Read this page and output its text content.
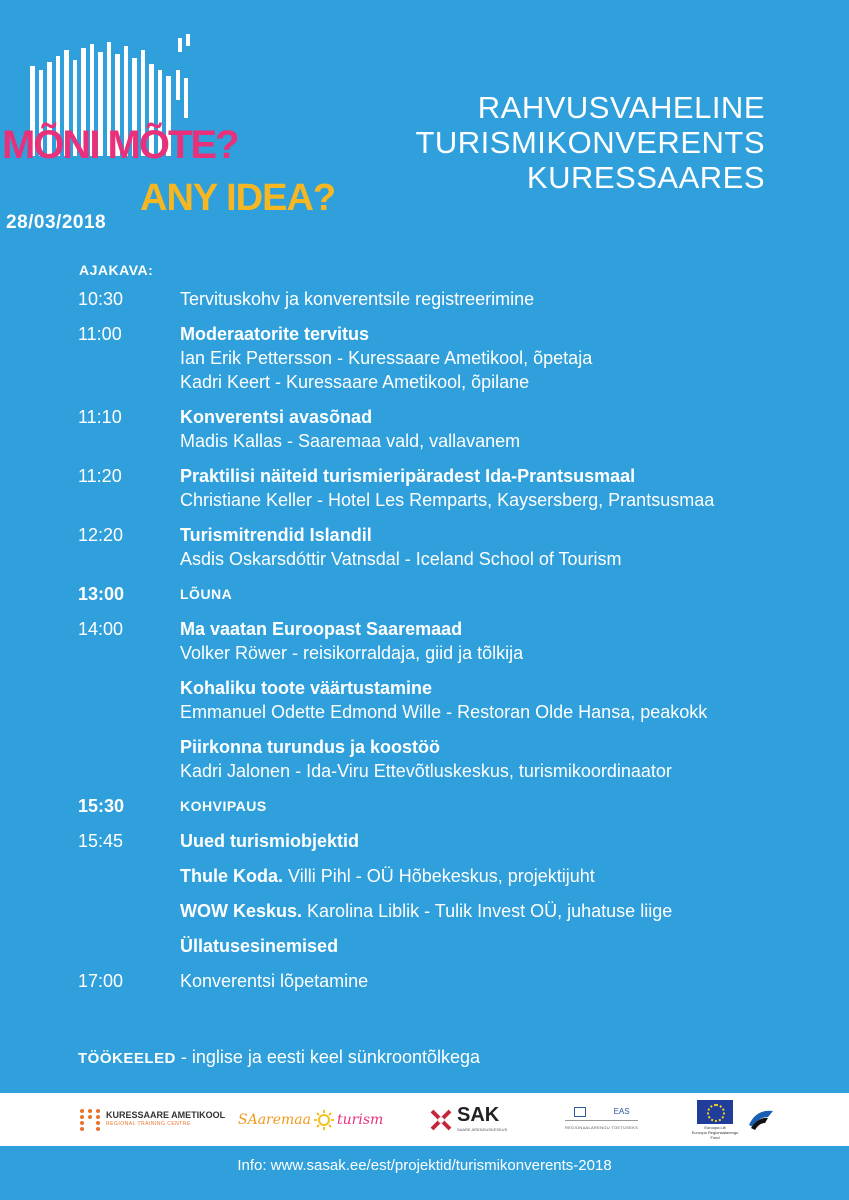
MÕNI MÕTE?
ANY IDEA?
28/03/2018
RAHVUSVAHELINE
TURISMIKONVERENTS
KURESSAARES
AJAKAVA:
10:30	Tervituskohv ja konverentsile registreerimine
11:00	Moderaatorite tervitus
Ian Erik Pettersson - Kuressaare Ametikool, õpetaja
Kadri Keert - Kuressaare Ametikool, õpilane
11:10	Konverentsi avasõnad
Madis Kallas - Saaremaa vald, vallavanem
11:20	Praktilisi näiteid turismieripäradest Ida-Prantsusmaal
Christiane Keller - Hotel Les Remparts, Kaysersberg, Prantsusmaa
12:20	Turismitrendid Islandil
Asdis Oskarsdóttir Vatnsdal - Iceland School of Tourism
13:00	LÕUNA
14:00	Ma vaatan Euroopast Saaremaad
Volker Röwer - reisikorraldaja, giid ja tõlkija
Kohaliku toote väärtustamine
Emmanuel Odette Edmond Wille - Restoran Olde Hansa, peakokk
Piirkonna turundus ja koostöö
Kadri Jalonen - Ida-Viru Ettevõtluskeskus, turismikoordinaator
15:30	KOHVIPAUS
15:45	Uued turismiobjektid
Thule Koda. Villi Pihl - OÜ Hõbekeskus, projektijuht
WOW Keskus. Karolina Liblik - Tulik Invest OÜ, juhatuse liige
Üllatusesinemised
17:00	Konverentsi lõpetamine
TÖÖKEELED - inglise ja eesti keel sünkroontõlkega
KURESSAARE AMETIKOOL
REGIONAL TRAINING CENTRE	SAaremaa turism	SAK
SAARE ARENDUSKESKUS
EAS
REGIONAALARENGU TOETUSEKS	Euroopa Liit
Euroopa Regionaalarengu Fond
Info: www.sasak.ee/est/projektid/turismikonverents-2018
